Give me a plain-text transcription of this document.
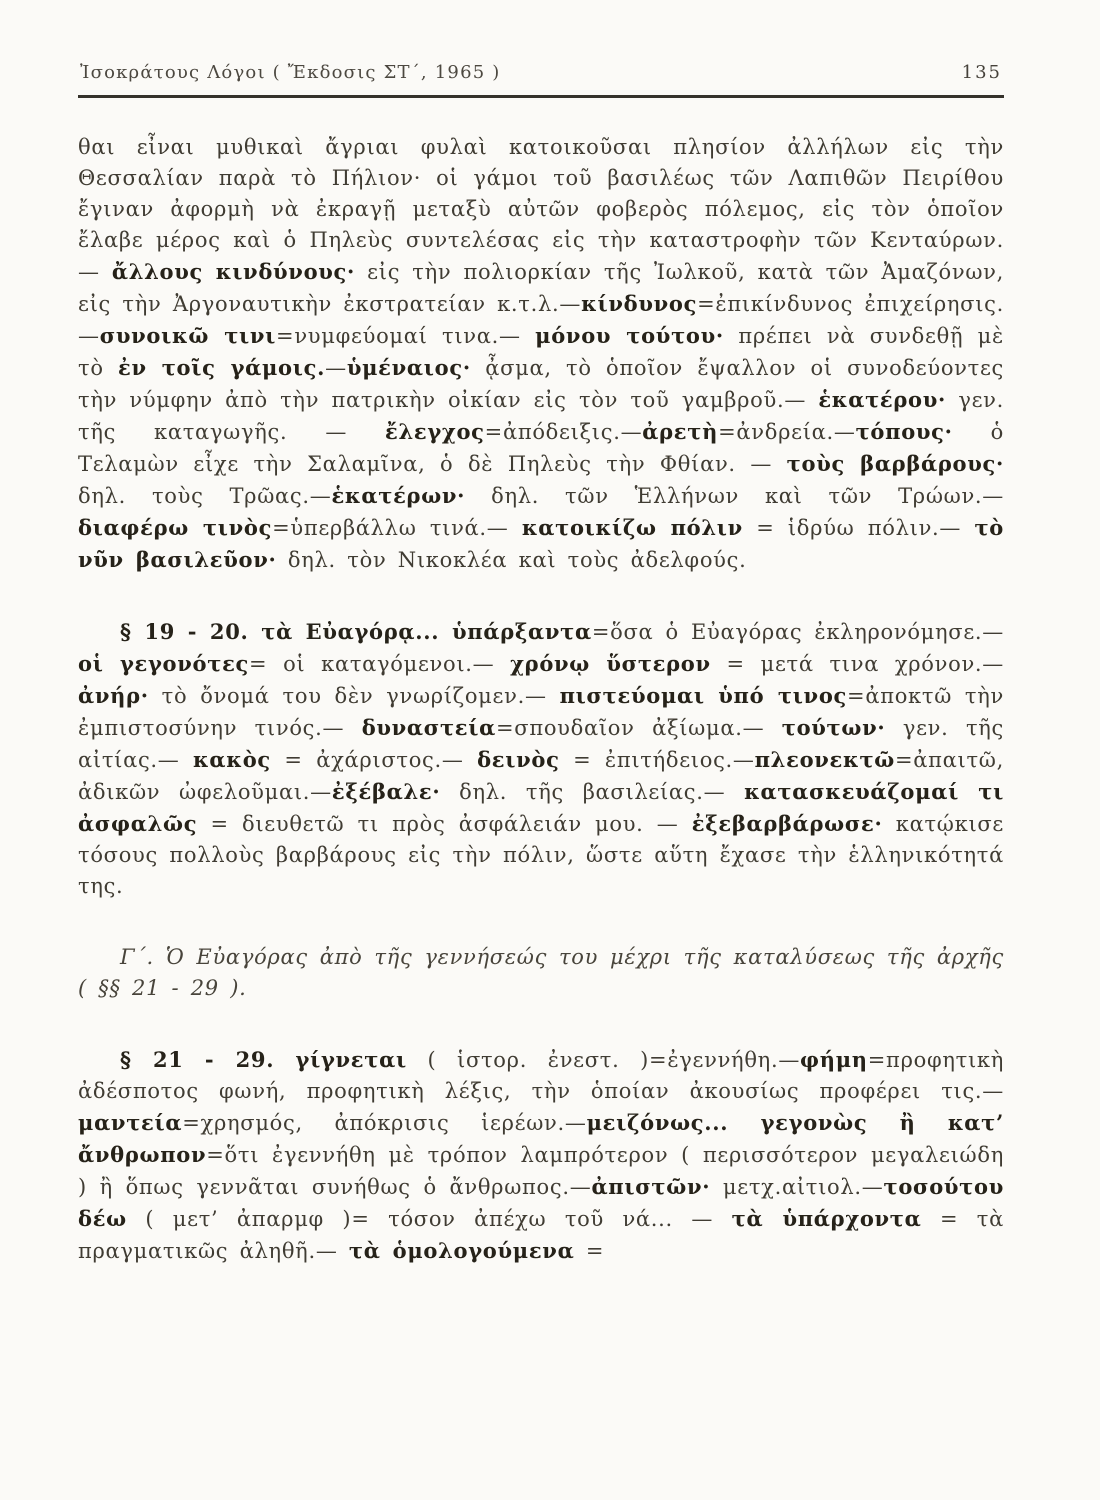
Ἰσοκράτους Λόγοι ( Ἔκδοσις ΣΤ΄, 1965 )	135

θαι εἶναι μυθικαὶ ἄγριαι φυλαὶ κατοικοῦσαι πλησίον ἀλλήλων εἰς τὴν Θεσσαλίαν παρὰ τὸ Πήλιον· οἱ γάμοι τοῦ βασιλέως τῶν Λαπιθῶν Πειρίθου ἔγιναν ἀφορμὴ νὰ ἐκραγῇ μεταξὺ αὐτῶν φοβερὸς πόλεμος, εἰς τὸν ὁποῖον ἔλαβε μέρος καὶ ὁ Πηλεὺς συντελέσας εἰς τὴν καταστροφὴν τῶν Κενταύρων. — ἄλλους κινδύνους· εἰς τὴν πολιορκίαν τῆς Ἰωλκοῦ, κατὰ τῶν Ἀμαζόνων, εἰς τὴν Ἀργοναυτικὴν ἐκστρατείαν κ.τ.λ.—κίνδυνος=ἐπικίνδυνος ἐπιχείρησις.—συνοικῶ τινι=νυμφεύομαί τινα.— μόνου τούτου· πρέπει νὰ συνδεθῇ μὲ τὸ ἐν τοῖς γάμοις.—ὑμέναιος· ᾆσμα, τὸ ὁποῖον ἔψαλλον οἱ συνοδεύοντες τὴν νύμφην ἀπὸ τὴν πατρικὴν οἰκίαν εἰς τὸν τοῦ γαμβροῦ.— ἑκατέρου· γεν. τῆς καταγωγῆς. — ἔλεγχος=ἀπόδειξις.—ἀρετὴ=ἀνδρεία.—τόπους· ὁ Τελαμὼν εἶχε τὴν Σαλαμῖνα, ὁ δὲ Πηλεὺς τὴν Φθίαν. — τοὺς βαρβάρους· δηλ. τοὺς Τρῶας.—ἑκατέρων· δηλ. τῶν Ἑλλήνων καὶ τῶν Τρώων.— διαφέρω τινὸς=ὑπερβάλλω τινά.— κατοικίζω πόλιν = ἱδρύω πόλιν.— τὸ νῦν βασιλεῦον· δηλ. τὸν Νικοκλέα καὶ τοὺς ἀδελφούς.

§ 19 - 20. τὰ Εὐαγόρᾳ... ὑπάρξαντα=ὅσα ὁ Εὐαγόρας ἐκληρονόμησε.— οἱ γεγονότες= οἱ καταγόμενοι.— χρόνῳ ὕστερον = μετά τινα χρόνον.—ἀνήρ· τὸ ὄνομά του δὲν γνωρίζομεν.— πιστεύομαι ὑπό τινος=ἀποκτῶ τὴν ἐμπιστοσύνην τινός.— δυναστεία=σπουδαῖον ἀξίωμα.— τούτων· γεν. τῆς αἰτίας.— κακὸς = ἀχάριστος.— δεινὸς = ἐπιτήδειος.—πλεονεκτῶ=ἀπαιτῶ, ἀδικῶν ὠφελοῦμαι.—ἐξέβαλε· δηλ. τῆς βασιλείας.— κατασκευάζομαί τι ἀσφαλῶς = διευθετῶ τι πρὸς ἀσφάλειάν μου. — ἐξεβαρβάρωσε· κατῴκισε τόσους πολλοὺς βαρβάρους εἰς τὴν πόλιν, ὥστε αὕτη ἔχασε τὴν ἑλληνικότητά της.

Γ΄. Ὁ Εὐαγόρας ἀπὸ τῆς γεννήσεώς του μέχρι τῆς καταλύσεως τῆς ἀρχῆς ( §§ 21 - 29 ).

§ 21 - 29. γίγνεται ( ἱστορ. ἐνεστ. )=ἐγεννήθη.—φήμη=προφητικὴ ἀδέσποτος φωνή, προφητικὴ λέξις, τὴν ὁποίαν ἀκουσίως προφέρει τις.—μαντεία=χρησμός, ἀπόκρισις ἱερέων.—μειζόνως... γεγονὼς ἢ κατ’ ἄνθρωπον=ὅτι ἐγεννήθη μὲ τρόπον λαμπρότερον ( περισσότερον μεγαλειώδη ) ἢ ὅπως γεννᾶται συνήθως ὁ ἄνθρωπος.—ἀπιστῶν· μετχ.αἰτιολ.—τοσούτου δέω ( μετ’ ἀπαρμφ )= τόσον ἀπέχω τοῦ νά... — τὰ ὑπάρχοντα = τὰ πραγματικῶς ἀληθῆ.— τὰ ὁμολογούμενα =
